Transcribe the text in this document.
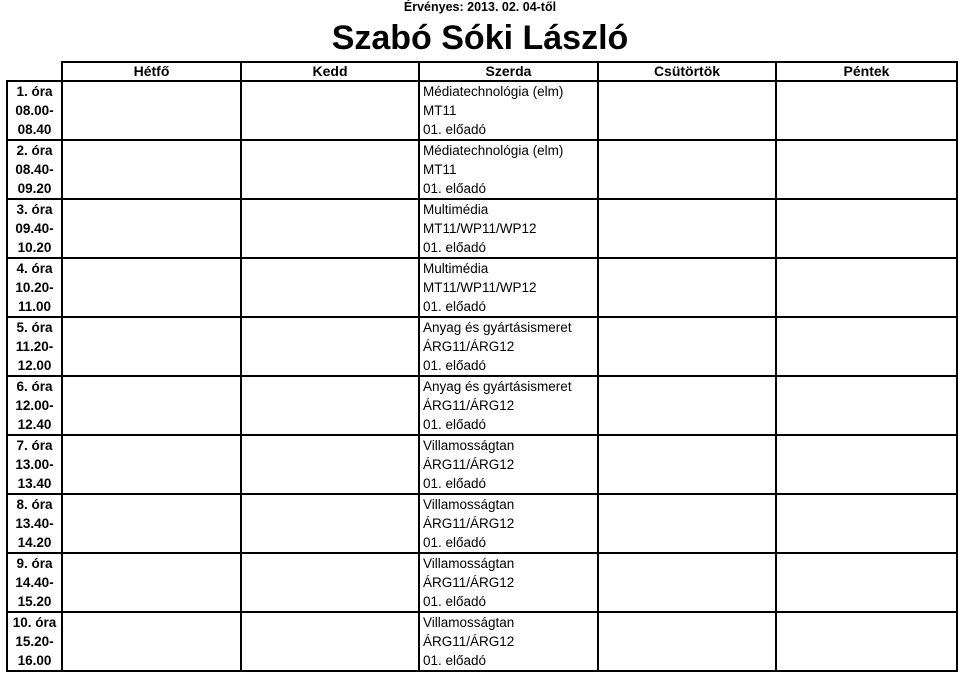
Érvényes: 2013. 02. 04-től
Szabó Sóki László
	Hétfő	Kedd	Szerda	Csütörtök	Péntek

1. óra
08.00-
08.40			Médiatechnológia (elm)
MT11
01. előadó		

2. óra
08.40-
09.20			Médiatechnológia (elm)
MT11
01. előadó		

3. óra
09.40-
10.20			Multimédia
MT11/WP11/WP12
01. előadó		

4. óra
10.20-
11.00			Multimédia
MT11/WP11/WP12
01. előadó		

5. óra
11.20-
12.00			Anyag és gyártásismeret
ÁRG11/ÁRG12
01. előadó		

6. óra
12.00-
12.40			Anyag és gyártásismeret
ÁRG11/ÁRG12
01. előadó		

7. óra
13.00-
13.40			Villamosságtan
ÁRG11/ÁRG12
01. előadó		

8. óra
13.40-
14.20			Villamosságtan
ÁRG11/ÁRG12
01. előadó		

9. óra
14.40-
15.20			Villamosságtan
ÁRG11/ÁRG12
01. előadó		

10. óra
15.20-
16.00			Villamosságtan
ÁRG11/ÁRG12
01. előadó		
